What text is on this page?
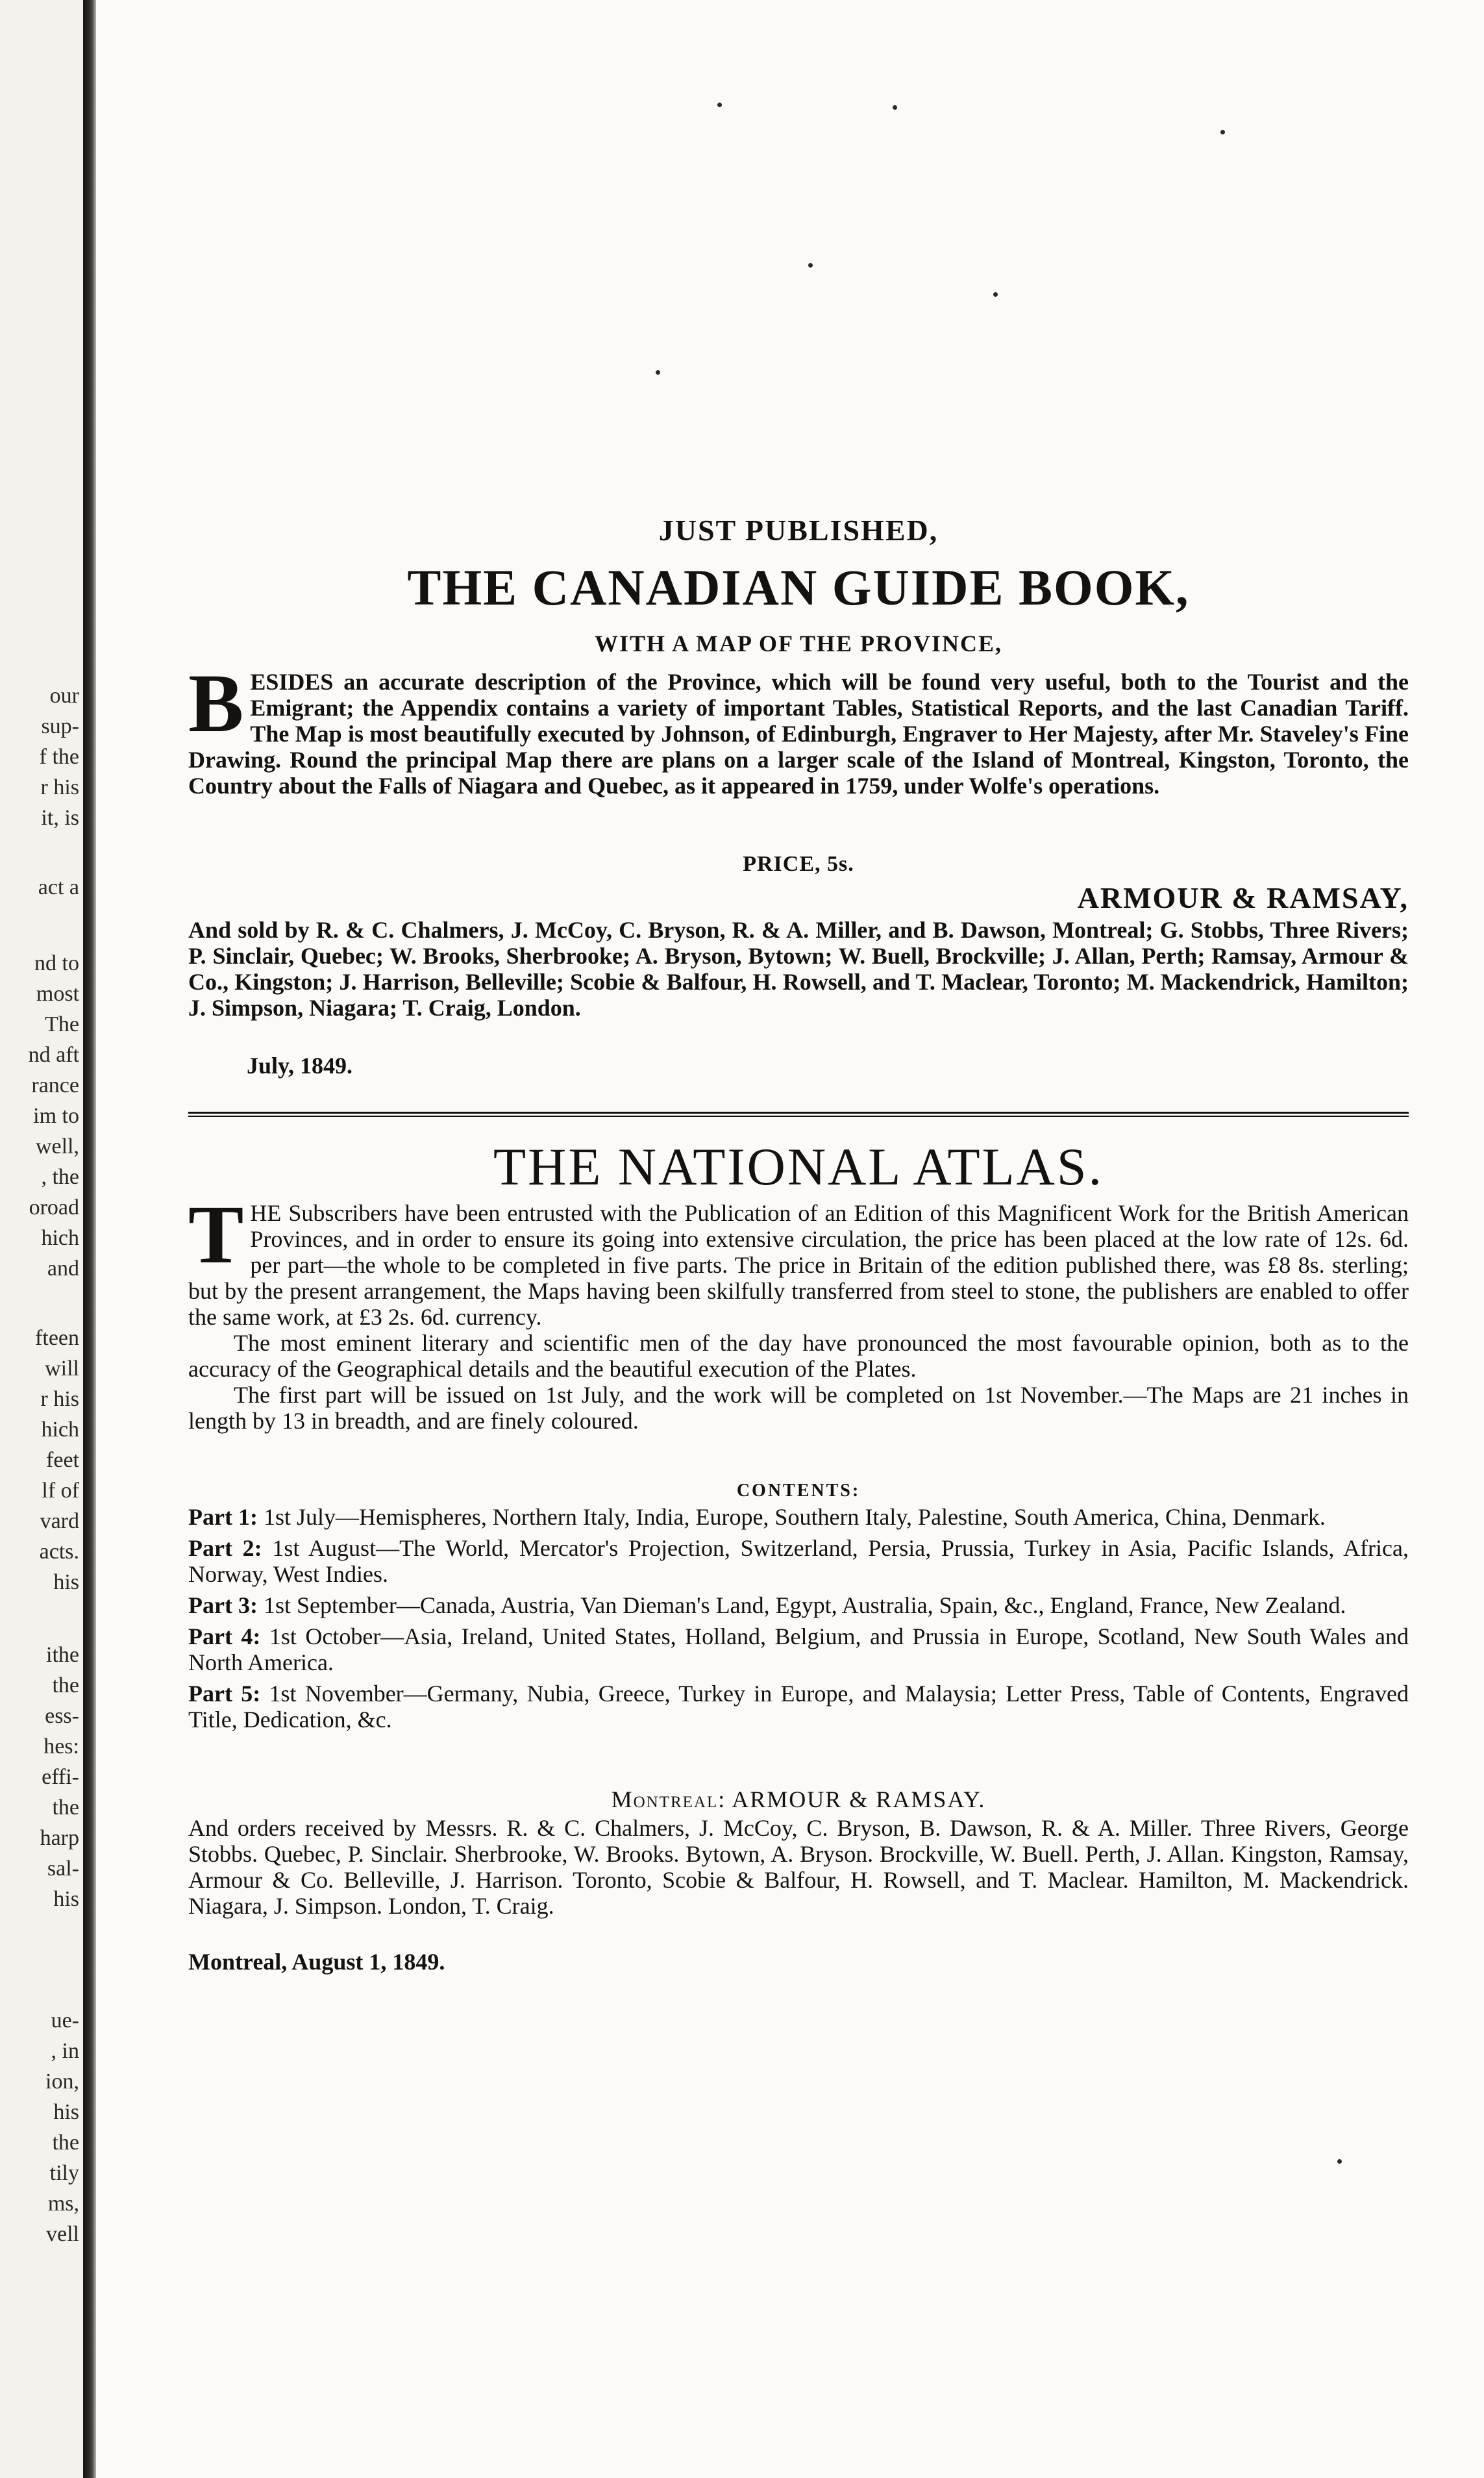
our
sup-
f the
r his
it, is
act a
nd to
most
The
nd aft
rance
im to
well,
, the
oroad
hich
and
fteen
will
r his
hich
feet
lf of
vard
acts.
his
ithe
the
ess-
hes:
effi-
the
harp
sal-
his
ue-
, in
ion,
his
the
tily
ms,
vell
JUST PUBLISHED,
THE CANADIAN GUIDE BOOK,
WITH A MAP OF THE PROVINCE,
BESIDES an accurate description of the Province, which will be found very useful, both to the Tourist and the Emigrant; the Appendix contains a variety of important Tables, Statistical Reports, and the last Canadian Tariff. The Map is most beautifully executed by Johnson, of Edinburgh, Engraver to Her Majesty, after Mr. Staveley's Fine Drawing. Round the principal Map there are plans on a larger scale of the Island of Montreal, Kingston, Toronto, the Country about the Falls of Niagara and Quebec, as it appeared in 1759, under Wolfe's operations.
PRICE, 5s.
ARMOUR & RAMSAY,
And sold by R. & C. Chalmers, J. McCoy, C. Bryson, R. & A. Miller, and B. Dawson, Montreal; G. Stobbs, Three Rivers; P. Sinclair, Quebec; W. Brooks, Sherbrooke; A. Bryson, Bytown; W. Buell, Brockville; J. Allan, Perth; Ramsay, Armour & Co., Kingston; J. Harrison, Belleville; Scobie & Balfour, H. Rowsell, and T. Maclear, Toronto; M. Mackendrick, Hamilton; J. Simpson, Niagara; T. Craig, London.
July, 1849.
THE NATIONAL ATLAS.
THE Subscribers have been entrusted with the Publication of an Edition of this Magnificent Work for the British American Provinces, and in order to ensure its going into extensive circulation, the price has been placed at the low rate of 12s. 6d. per part—the whole to be completed in five parts. The price in Britain of the edition published there, was £8 8s. sterling; but by the present arrangement, the Maps having been skilfully transferred from steel to stone, the publishers are enabled to offer the same work, at £3 2s. 6d. currency.
The most eminent literary and scientific men of the day have pronounced the most favourable opinion, both as to the accuracy of the Geographical details and the beautiful execution of the Plates.
The first part will be issued on 1st July, and the work will be completed on 1st November.—The Maps are 21 inches in length by 13 in breadth, and are finely coloured.
CONTENTS:
Part 1: 1st July—Hemispheres, Northern Italy, India, Europe, Southern Italy, Palestine, South America, China, Denmark.
Part 2: 1st August—The World, Mercator's Projection, Switzerland, Persia, Prussia, Turkey in Asia, Pacific Islands, Africa, Norway, West Indies.
Part 3: 1st September—Canada, Austria, Van Dieman's Land, Egypt, Australia, Spain, &c., England, France, New Zealand.
Part 4: 1st October—Asia, Ireland, United States, Holland, Belgium, and Prussia in Europe, Scotland, New South Wales and North America.
Part 5: 1st November—Germany, Nubia, Greece, Turkey in Europe, and Malaysia; Letter Press, Table of Contents, Engraved Title, Dedication, &c.
Montreal: ARMOUR & RAMSAY.
And orders received by Messrs. R. & C. Chalmers, J. McCoy, C. Bryson, B. Dawson, R. & A. Miller. Three Rivers, George Stobbs. Quebec, P. Sinclair. Sherbrooke, W. Brooks. Bytown, A. Bryson. Brockville, W. Buell. Perth, J. Allan. Kingston, Ramsay, Armour & Co. Belleville, J. Harrison. Toronto, Scobie & Balfour, H. Rowsell, and T. Maclear. Hamilton, M. Mackendrick. Niagara, J. Simpson. London, T. Craig.
Montreal, August 1, 1849.
